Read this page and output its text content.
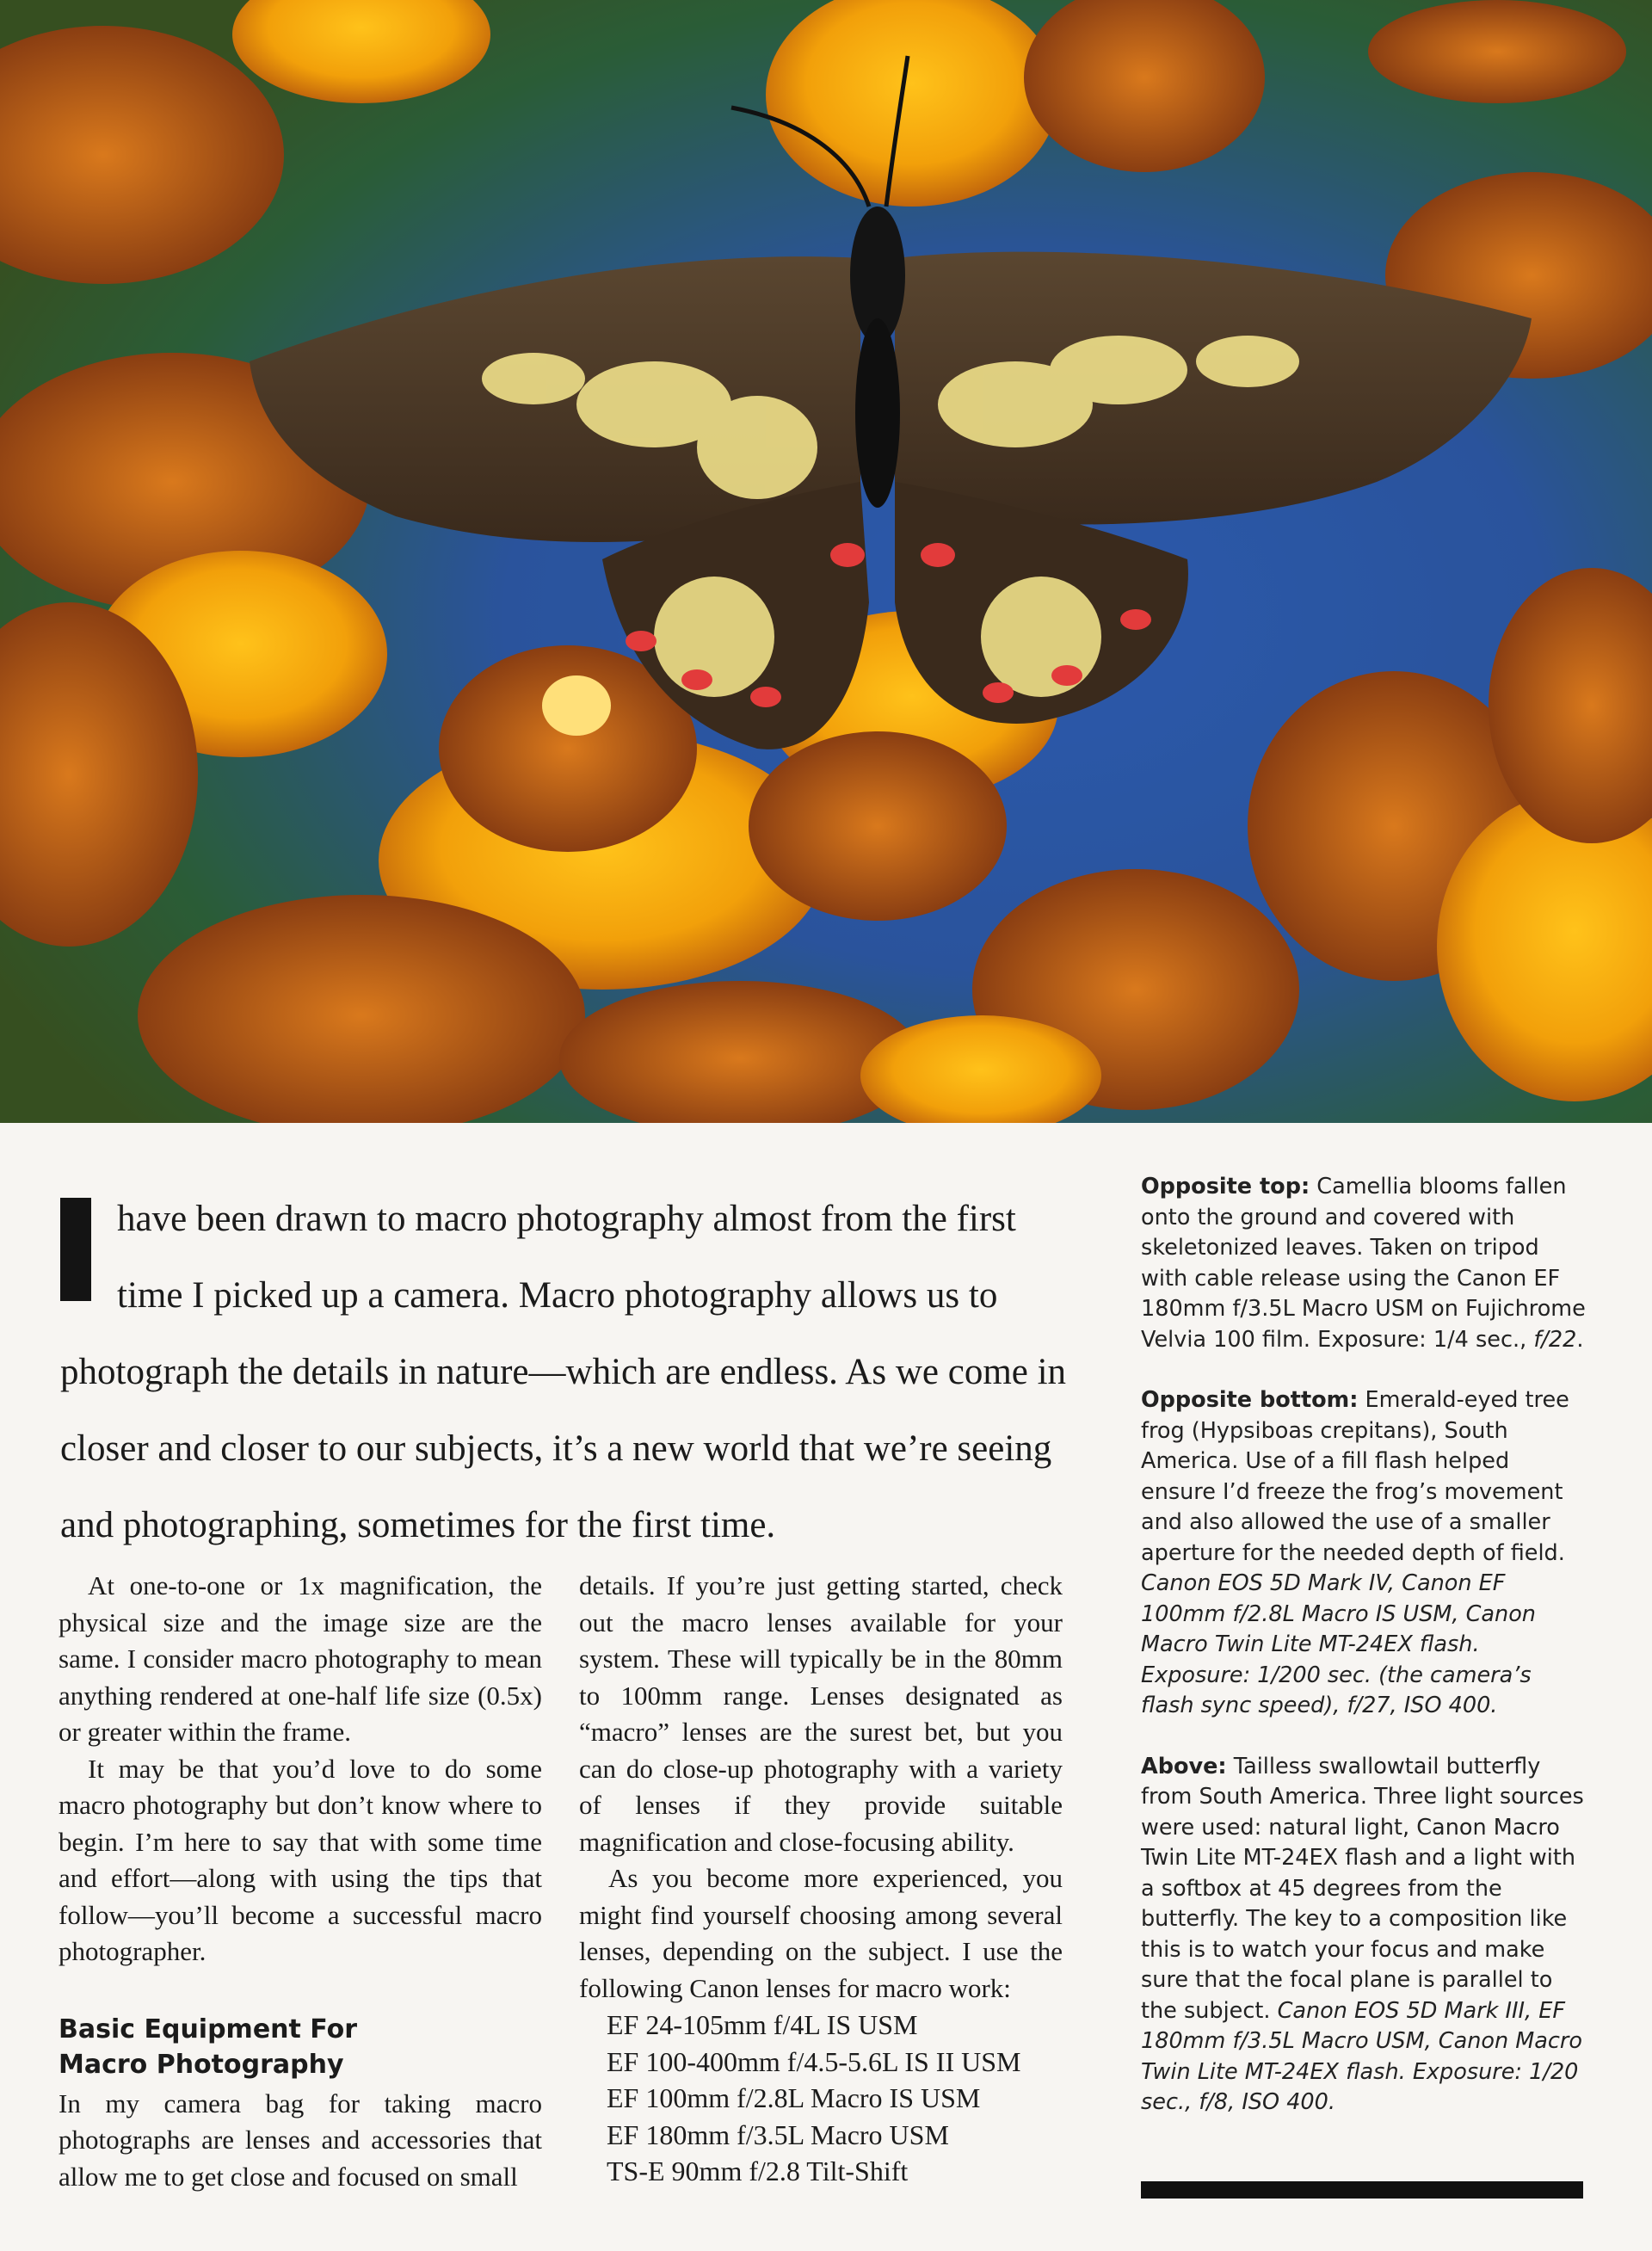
have been drawn to macro photography almost from the first time I picked up a camera. Macro photography allows us to photograph the details in nature—which are endless. As we come in closer and closer to our subjects, it’s a new world that we’re seeing and photographing, sometimes for the first time.

At one-to-one or 1x magnification, the physical size and the image size are the same. I consider macro photography to mean anything rendered at one-half life size (0.5x) or greater within the frame.

It may be that you’d love to do some macro photography but don’t know where to begin. I’m here to say that with some time and effort—along with using the tips that follow—you’ll become a successful macro photographer.

Basic Equipment For
Macro Photography

In my camera bag for taking macro photographs are lenses and accessories that allow me to get close and focused on small

details. If you’re just getting started, check out the macro lenses available for your system. These will typically be in the 80mm to 100mm range. Lenses designated as “macro” lenses are the surest bet, but you can do close-up photography with a variety of lenses if they provide suitable magnification and close-focusing ability.

As you become more experienced, you might find yourself choosing among several lenses, depending on the subject. I use the following Canon lenses for macro work:

EF 24-105mm f/4L IS USM
EF 100-400mm f/4.5-5.6L IS II USM
EF 100mm f/2.8L Macro IS USM
EF 180mm f/3.5L Macro USM
TS-E 90mm f/2.8 Tilt-Shift

Opposite top: Camellia blooms fallen onto the ground and covered with skeletonized leaves. Taken on tripod with cable release using the Canon EF 180mm f/3.5L Macro USM on Fujichrome Velvia 100 film. Exposure: 1/4 sec., f/22.

Opposite bottom: Emerald-eyed tree frog (Hypsiboas crepitans), South America. Use of a fill flash helped ensure I’d freeze the frog’s movement and also allowed the use of a smaller aperture for the needed depth of field. Canon EOS 5D Mark IV, Canon EF 100mm f/2.8L Macro IS USM, Canon Macro Twin Lite MT-24EX flash. Exposure: 1/200 sec. (the camera’s flash sync speed), f/27, ISO 400.

Above: Tailless swallowtail butterfly from South America. Three light sources were used: natural light, Canon Macro Twin Lite MT-24EX flash and a light with a softbox at 45 degrees from the butterfly. The key to a composition like this is to watch your focus and make sure that the focal plane is parallel to the subject. Canon EOS 5D Mark III, EF 180mm f/3.5L Macro USM, Canon Macro Twin Lite MT-24EX flash. Exposure: 1/20 sec., f/8, ISO 400.
